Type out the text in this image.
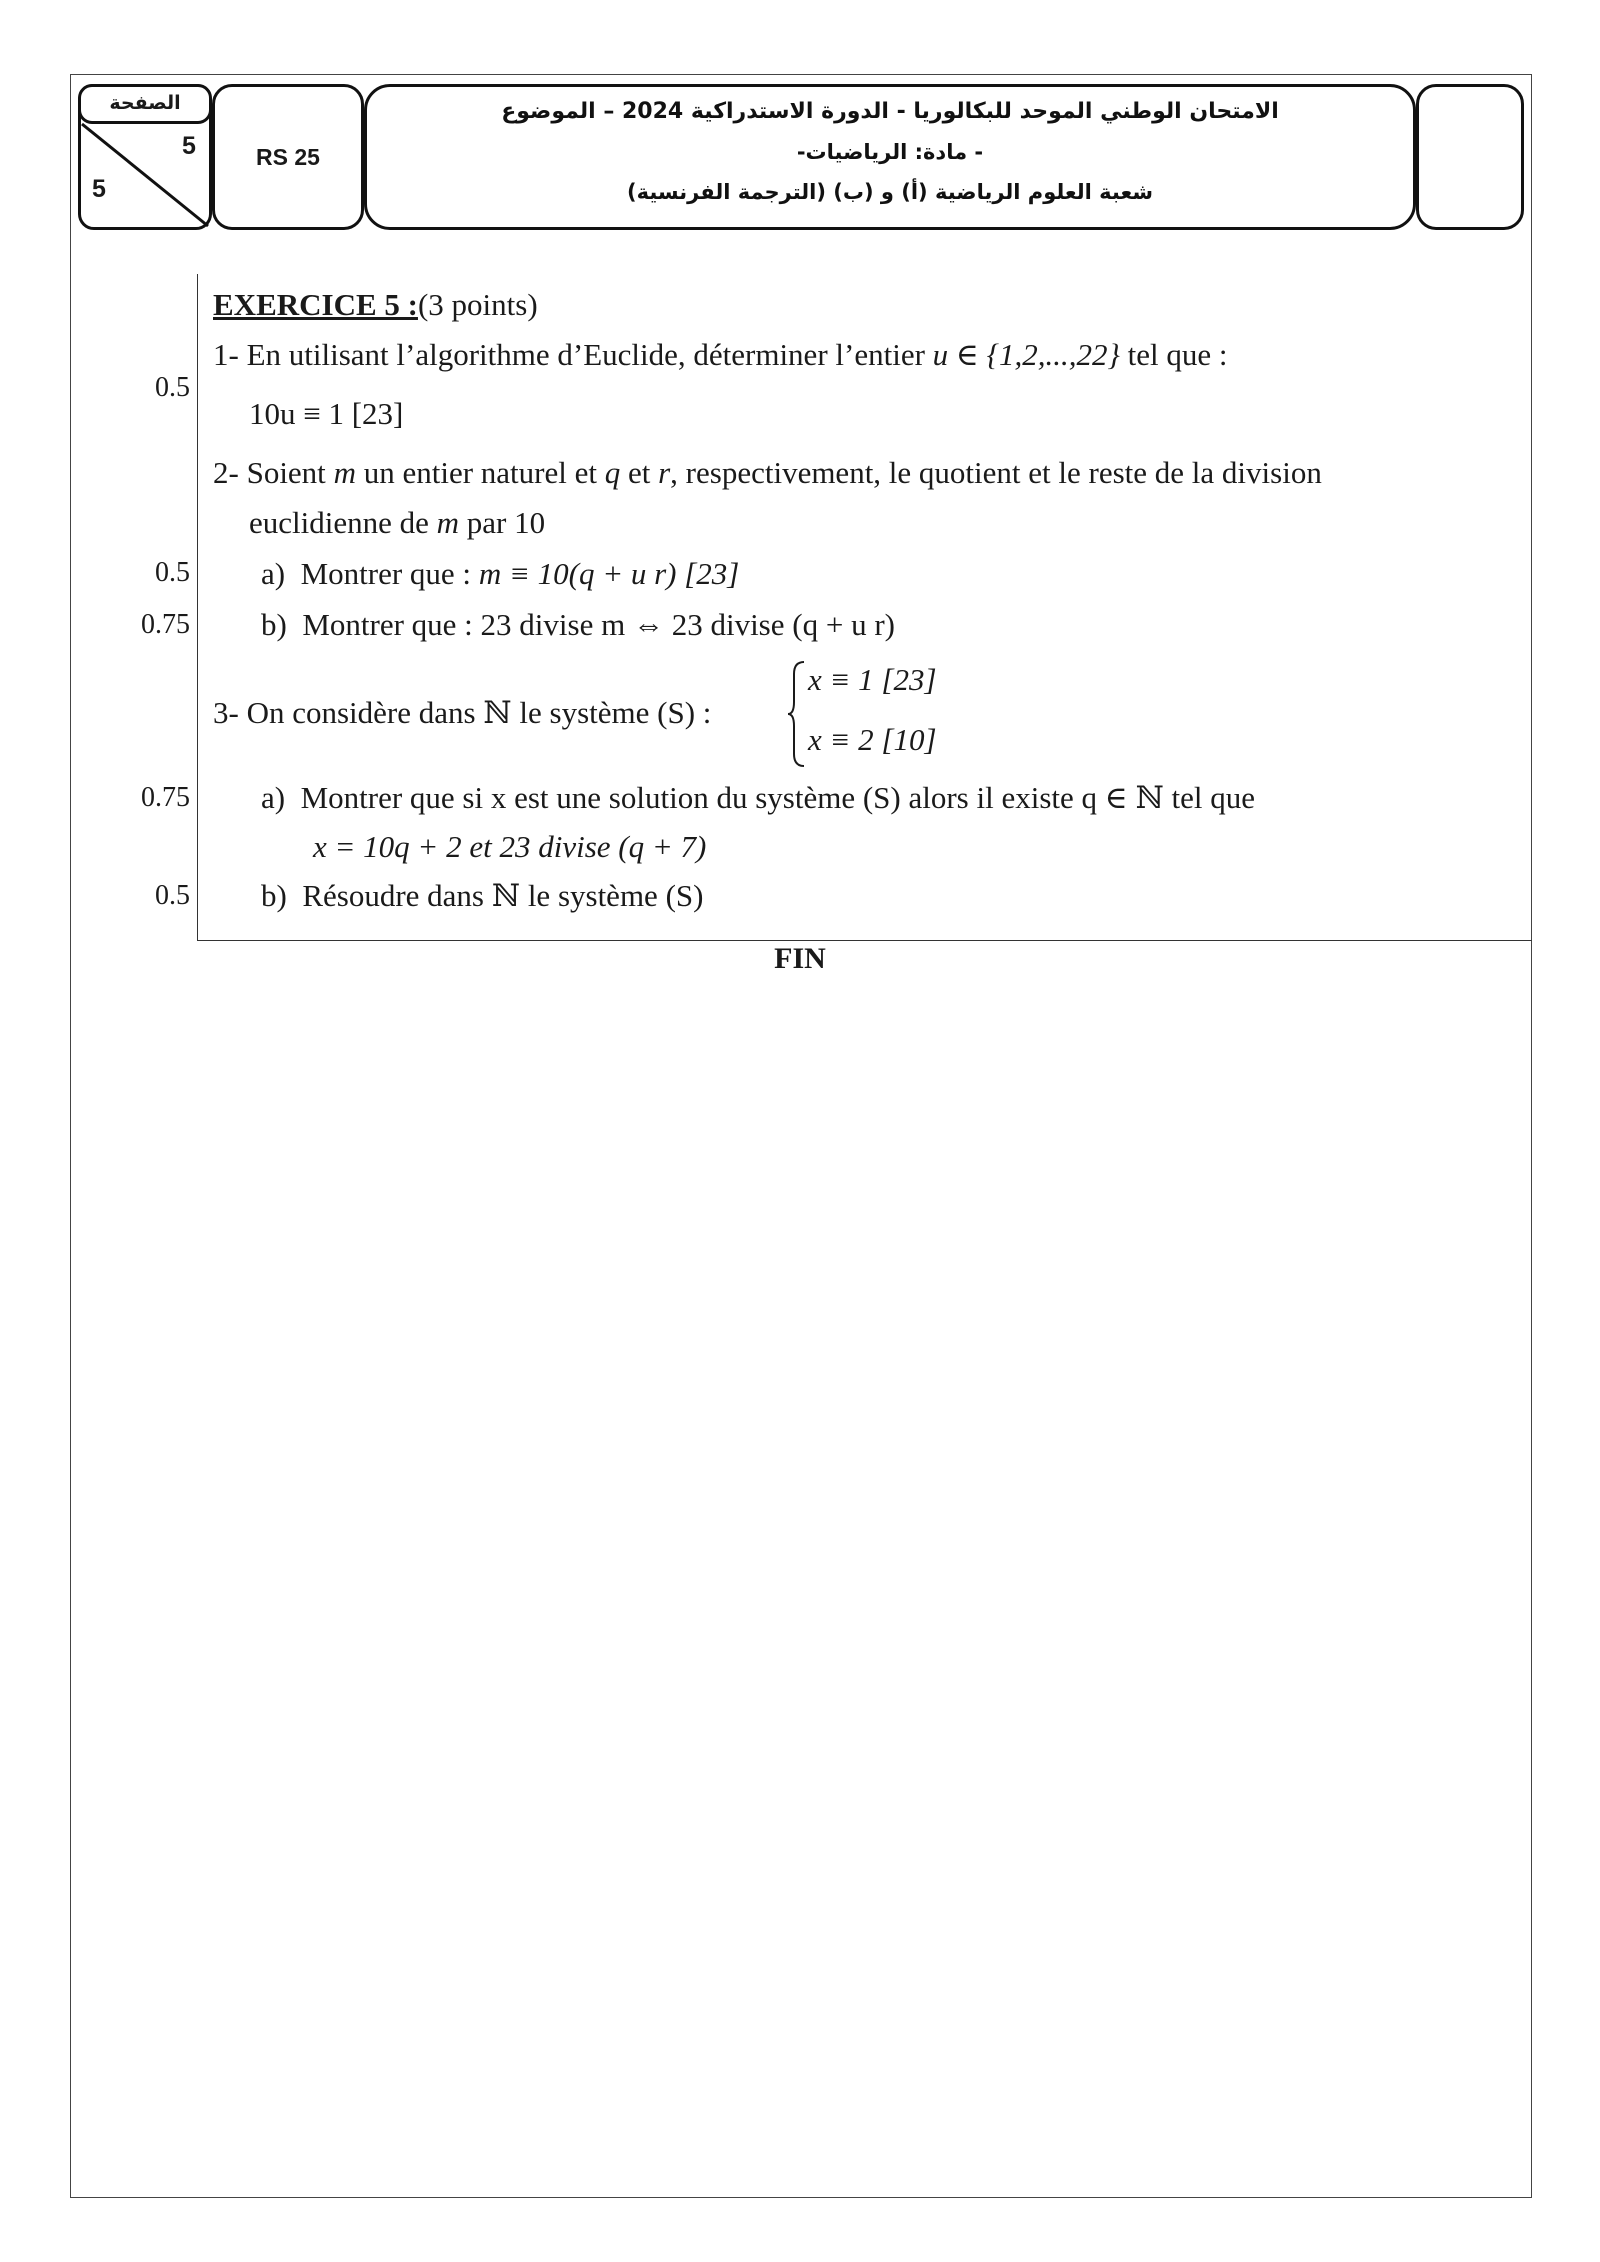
الصفحة
5
5
RS 25
الامتحان الوطني الموحد للبكالوريا - الدورة الاستدراكية 2024 – الموضوع
- مادة: الرياضيات-
شعبة العلوم الرياضية (أ) و (ب) (الترجمة الفرنسية)
EXERCICE 5 :(3 points)
1- En utilisant l’algorithme d’Euclide, déterminer l’entier u ∈ {1,2,...,22} tel que :
0.5
10u ≡ 1 [23]
2- Soient m un entier naturel et q et r, respectivement, le quotient et le reste de la division
euclidienne de m par 10
0.5 a) Montrer que : m ≡ 10(q + u r) [23]
0.75 b) Montrer que : 23 divise m ⇔ 23 divise (q + u r)
3- On considère dans ℕ le système (S) :
x ≡ 1 [23]
x ≡ 2 [10]
0.75 a) Montrer que si x est une solution du système (S) alors il existe q ∈ ℕ tel que
x = 10q + 2 et 23 divise (q + 7)
0.5 b) Résoudre dans ℕ le système (S)
FIN
